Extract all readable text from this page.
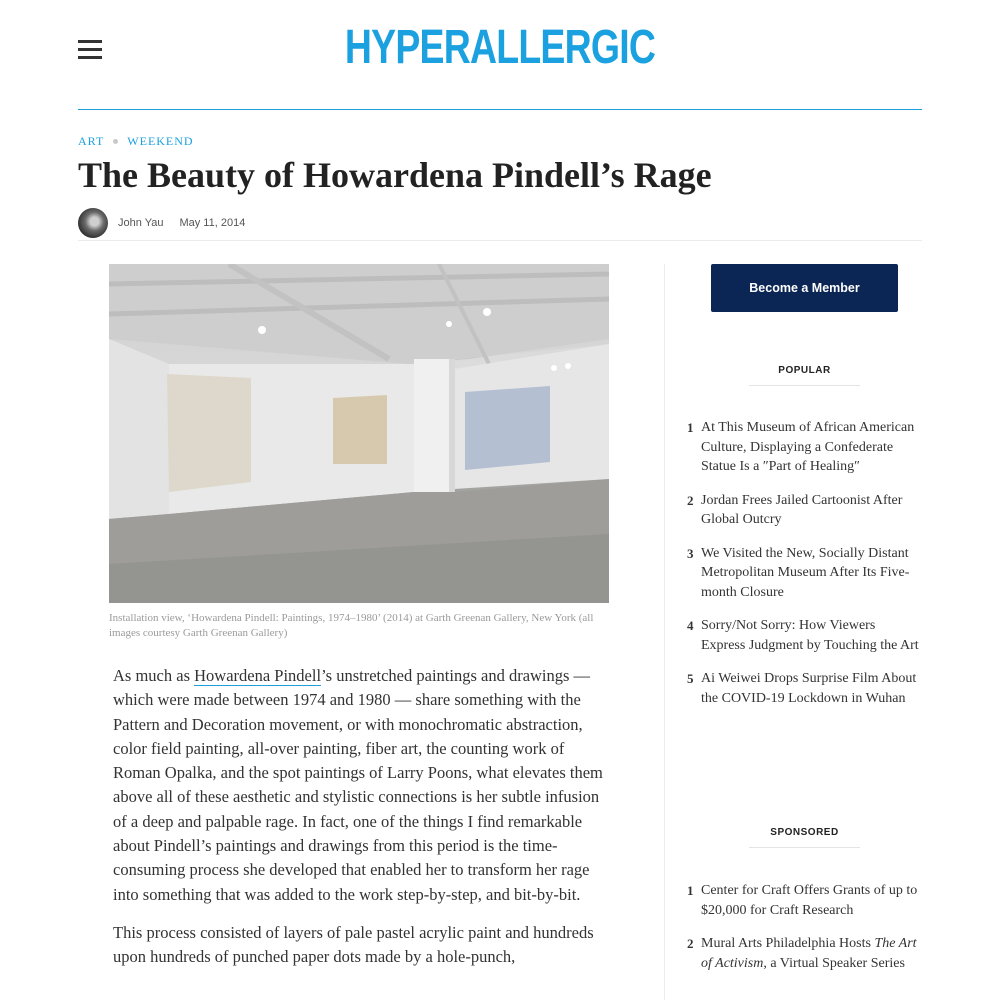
HYPERALLERGIC
ART WEEKEND
The Beauty of Howardena Pindell’s Rage
John Yau May 11, 2014
Installation view, ‘Howardena Pindell: Paintings, 1974–1980’ (2014) at Garth Greenan Gallery, New York (all images courtesy Garth Greenan Gallery)

As much as Howardena Pindell’s unstretched paintings and drawings — which were made between 1974 and 1980 — share something with the Pattern and Decoration movement, or with monochromatic abstraction, color field painting, all-over painting, fiber art, the counting work of Roman Opalka, and the spot paintings of Larry Poons, what elevates them above all of these aesthetic and stylistic connections is her subtle infusion of a deep and palpable rage. In fact, one of the things I find remarkable about Pindell’s paintings and drawings from this period is the time-consuming process she developed that enabled her to transform her rage into something that was added to the work step-by-step, and bit-by-bit.

This process consisted of layers of pale pastel acrylic paint and hundreds upon hundreds of punched paper dots made by a hole-punch,

Become a Member
POPULAR
1 At This Museum of African American Culture, Displaying a Confederate Statue Is a ″Part of Healing″
2 Jordan Frees Jailed Cartoonist After Global Outcry
3 We Visited the New, Socially Distant Metropolitan Museum After Its Five-month Closure
4 Sorry/Not Sorry: How Viewers Express Judgment by Touching the Art
5 Ai Weiwei Drops Surprise Film About the COVID-19 Lockdown in Wuhan
SPONSORED
1 Center for Craft Offers Grants of up to $20,000 for Craft Research
2 Mural Arts Philadelphia Hosts The Art of Activism, a Virtual Speaker Series
